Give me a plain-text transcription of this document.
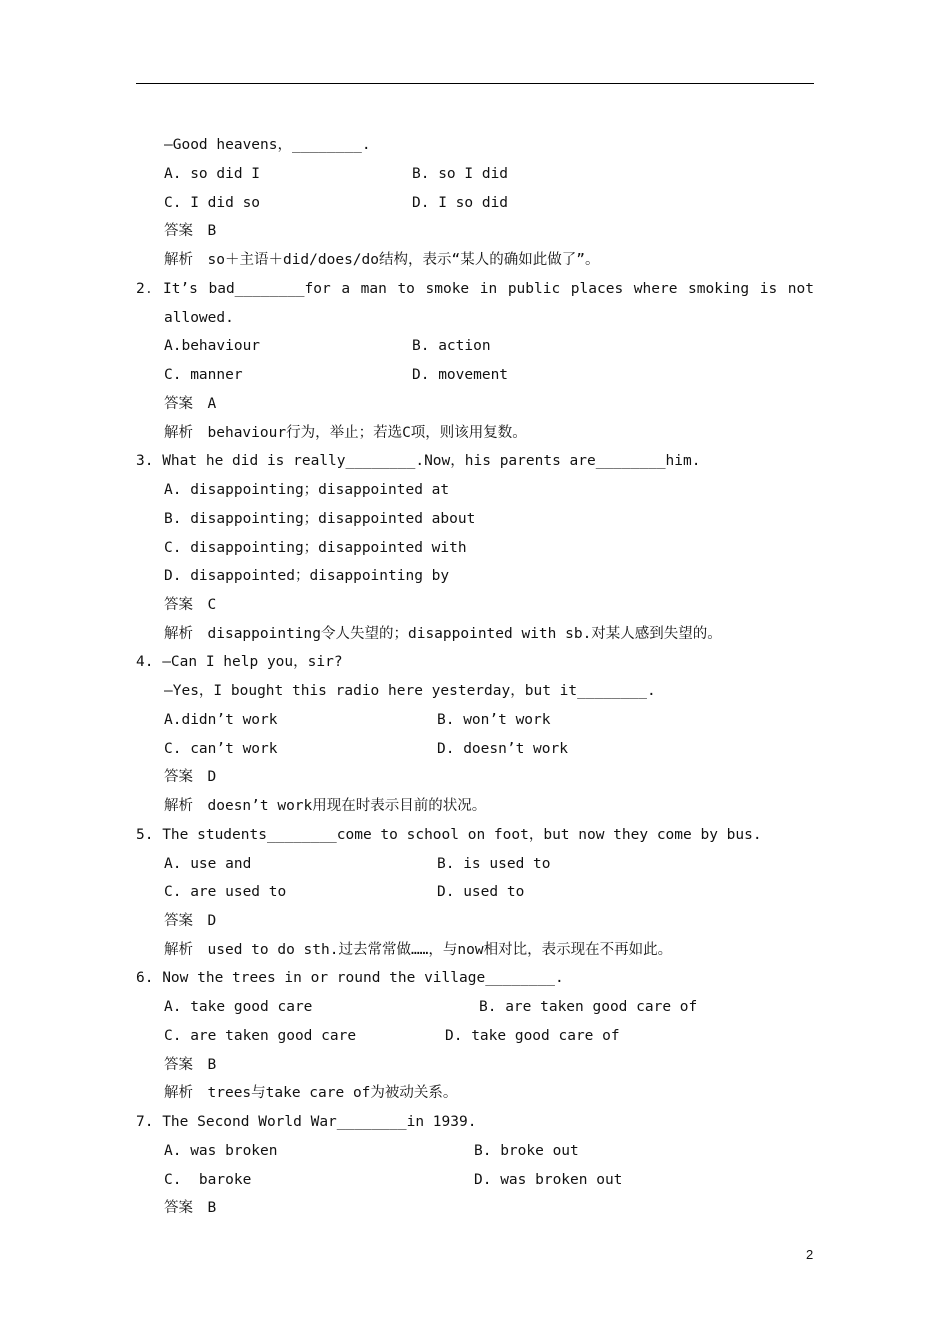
—Good heavens，________.
A. so did I	B. so I did
C. I did so	D. I so did
答案　B
解析　so＋主语＋did/does/do结构，表示“某人的确如此做了”。
2．It’s bad________for a man to smoke in public places where smoking is not
allowed.
A.behaviour	B. action
C. manner	D. movement
答案　A
解析　behaviour行为，举止；若选C项，则该用复数。
3. What he did is really________.Now，his parents are________him.
A. disappointing；disappointed at
B. disappointing；disappointed about
C. disappointing；disappointed with
D. disappointed；disappointing by
答案　C
解析　disappointing令人失望的；disappointed with sb.对某人感到失望的。
4. —Can I help you，sir?
—Yes，I bought this radio here yesterday，but it________.
A.didn’t work	B. won’t work
C. can’t work	D. doesn’t work
答案　D
解析　doesn’t work用现在时表示目前的状况。
5. The students________come to school on foot，but now they come by bus.
A. use and	B. is used to
C. are used to	D. used to
答案　D
解析　used to do sth.过去常常做……，与now相对比，表示现在不再如此。
6. Now the trees in or round the village________.
A. take good care	B. are taken good care of
C. are taken good care	D. take good care of
答案　B
解析　trees与take care of为被动关系。
7. The Second World War________in 1939.
A. was broken	B. broke out
C.  baroke	D. was broken out
答案　B
2
